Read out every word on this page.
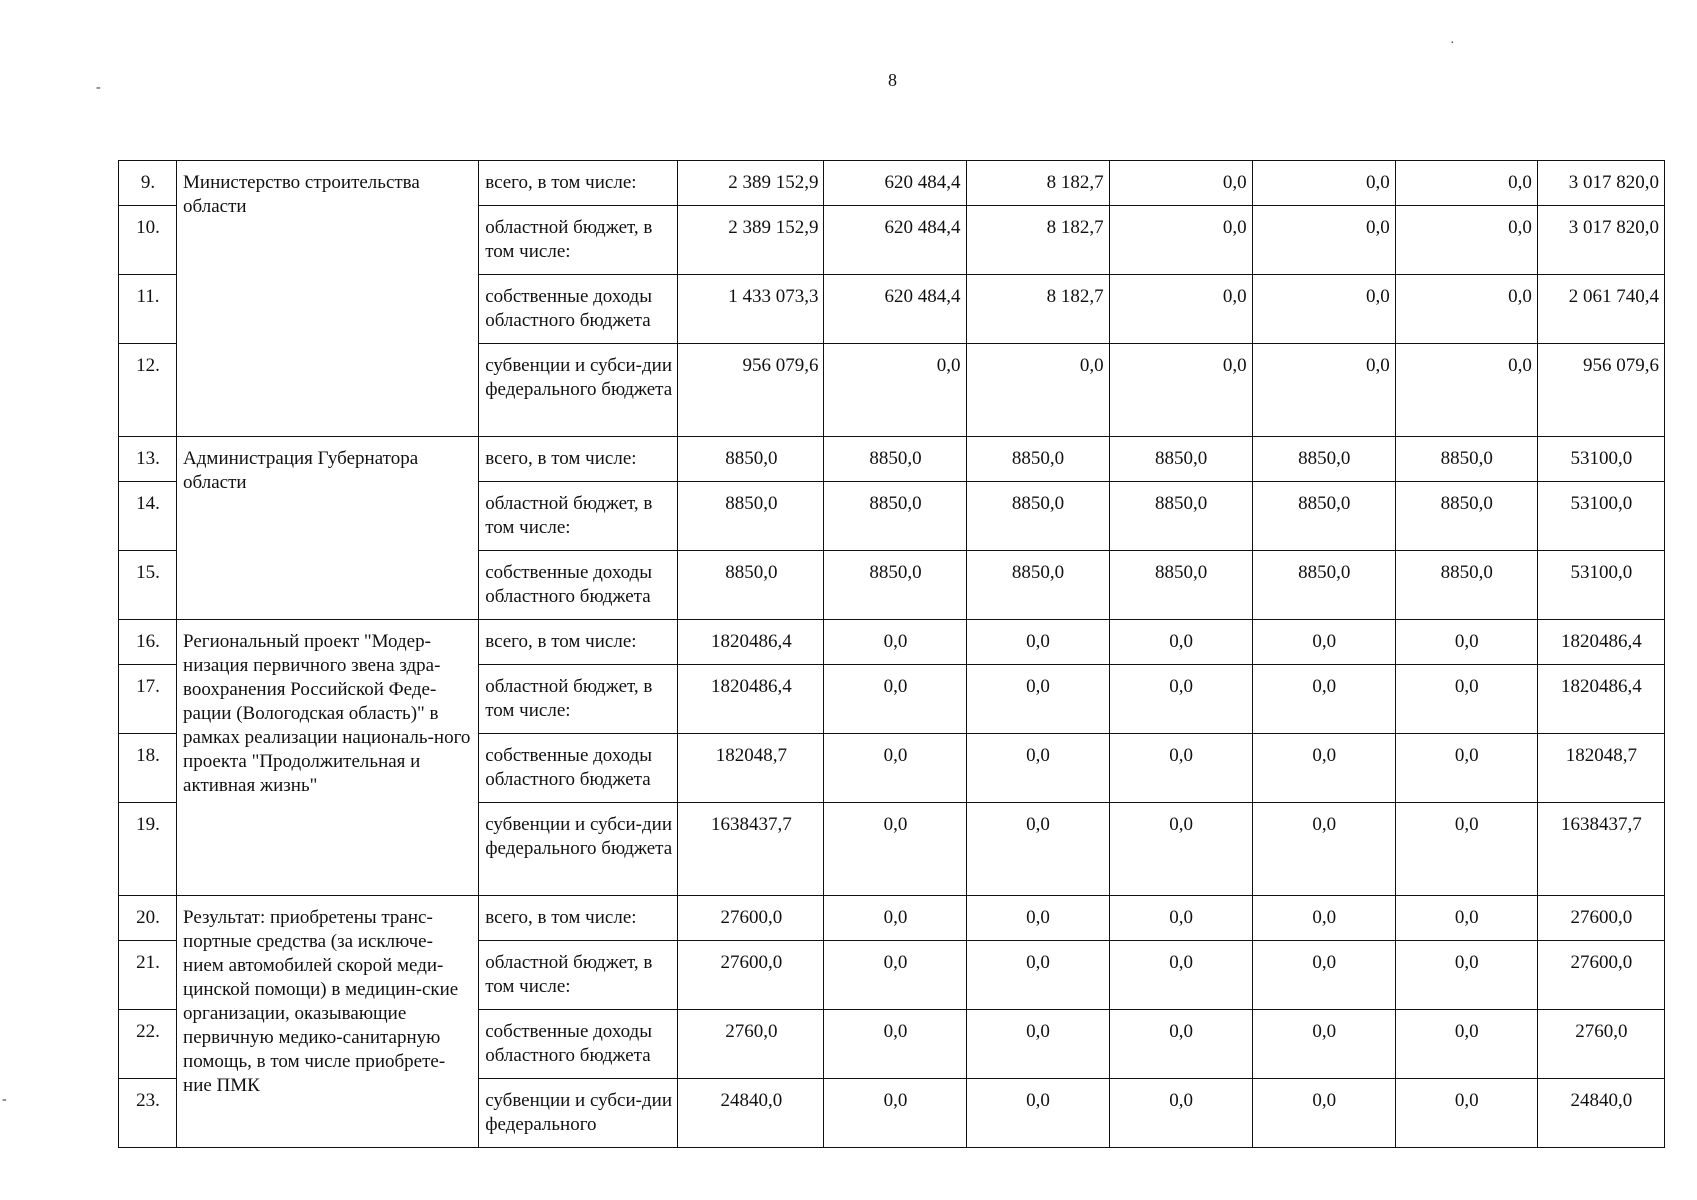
8
-
·
-
9.	Министерство строительства области	всего, в том числе:	2 389 152,9	620 484,4	8 182,7	0,0	0,0	0,0	3 017 820,0
10.		областной бюджет, в том числе:	2 389 152,9	620 484,4	8 182,7	0,0	0,0	0,0	3 017 820,0
11.		собственные доходы областного бюджета	1 433 073,3	620 484,4	8 182,7	0,0	0,0	0,0	2 061 740,4
12.		субвенции и субси-дии федерального бюджета	956 079,6	0,0	0,0	0,0	0,0	0,0	956 079,6
13.	Администрация Губернатора области	всего, в том числе:	8850,0	8850,0	8850,0	8850,0	8850,0	8850,0	53100,0
14.		областной бюджет, в том числе:	8850,0	8850,0	8850,0	8850,0	8850,0	8850,0	53100,0
15.		собственные доходы областного бюджета	8850,0	8850,0	8850,0	8850,0	8850,0	8850,0	53100,0
16.	Региональный проект "Модер-низация первичного звена здра-воохранения Российской Феде-рации (Вологодская область)" в рамках реализации националь-ного проекта "Продолжительная и активная жизнь"	всего, в том числе:	1820486,4	0,0	0,0	0,0	0,0	0,0	1820486,4
17.		областной бюджет, в том числе:	1820486,4	0,0	0,0	0,0	0,0	0,0	1820486,4
18.		собственные доходы областного бюджета	182048,7	0,0	0,0	0,0	0,0	0,0	182048,7
19.		субвенции и субси-дии федерального бюджета	1638437,7	0,0	0,0	0,0	0,0	0,0	1638437,7
20.	Результат: приобретены транс-портные средства (за исключе-нием автомобилей скорой меди-цинской помощи) в медицин-ские организации, оказывающие первичную медико-санитарную помощь, в том числе приобрете-ние ПМК	всего, в том числе:	27600,0	0,0	0,0	0,0	0,0	0,0	27600,0
21.		областной бюджет, в том числе:	27600,0	0,0	0,0	0,0	0,0	0,0	27600,0
22.		собственные доходы областного бюджета	2760,0	0,0	0,0	0,0	0,0	0,0	2760,0
23.		субвенции и субси-дии федерального	24840,0	0,0	0,0	0,0	0,0	0,0	24840,0
